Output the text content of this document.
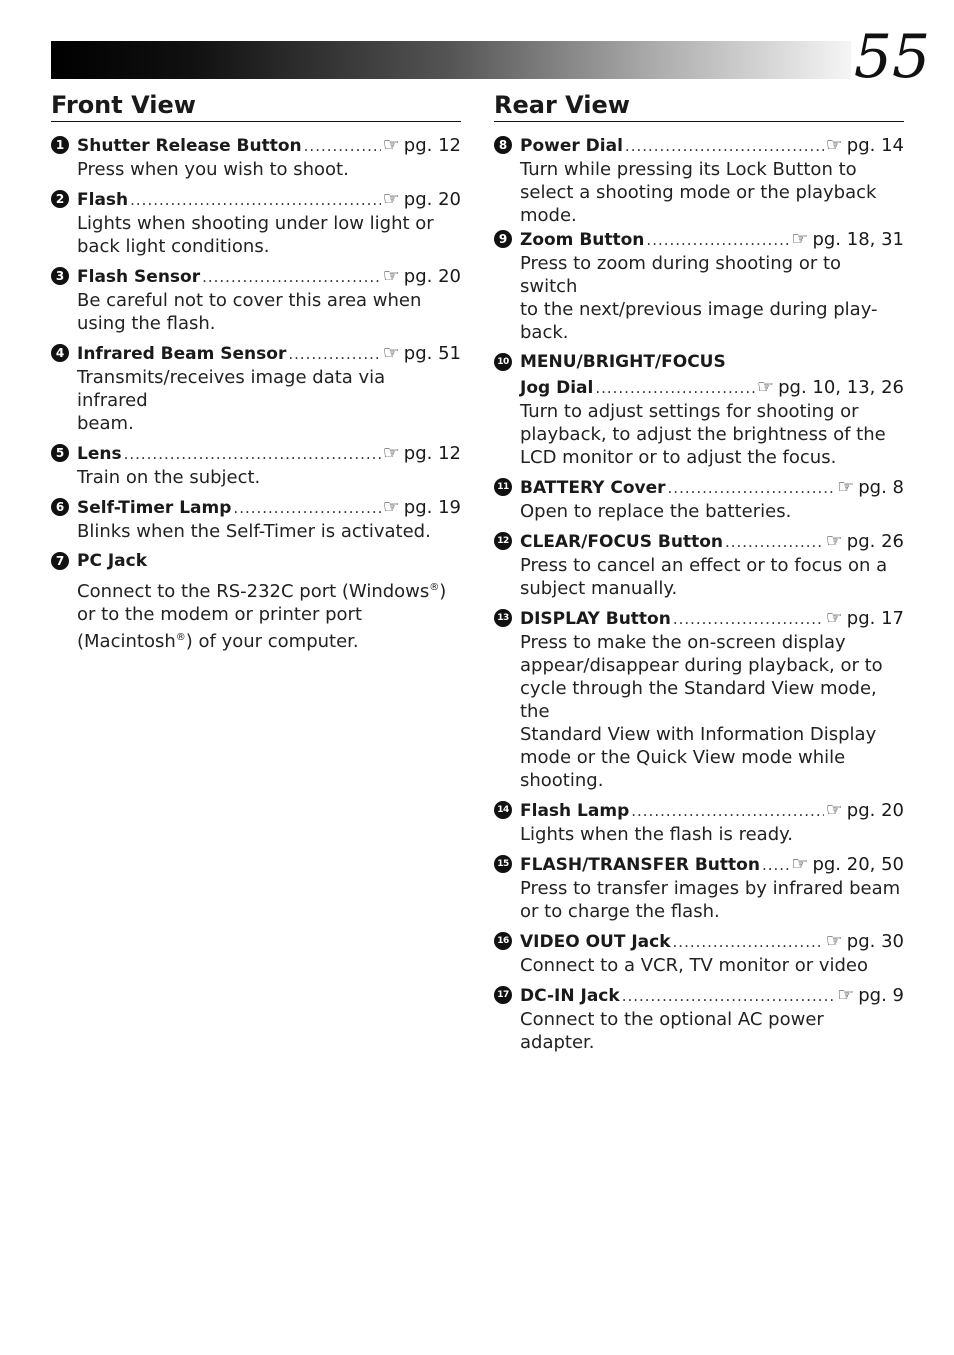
55
Front View	Rear View
1 Shutter Release Button .....	☞ pg. 12
Press when you wish to shoot.
2 Flash .....	☞ pg. 20
Lights when shooting under low light or
back light conditions.
3 Flash Sensor .....	☞ pg. 20
Be careful not to cover this area when
using the flash.
4 Infrared Beam Sensor .....	☞ pg. 51
Transmits/receives image data via infrared
beam.
5 Lens .....	☞ pg. 12
Train on the subject.
6 Self-Timer Lamp .....	☞ pg. 19
Blinks when the Self-Timer is activated.
7 PC Jack
Connect to the RS-232C port (Windows®)
or to the modem or printer port
(Macintosh®) of your computer.
8 Power Dial .....	☞ pg. 14
Turn while pressing its Lock Button to
select a shooting mode or the playback
mode.
9 Zoom Button .....	☞ pg. 18, 31
Press to zoom during shooting or to switch
to the next/previous image during play-
back.
10 MENU/BRIGHT/FOCUS
Jog Dial .....	☞ pg. 10, 13, 26
Turn to adjust settings for shooting or
playback, to adjust the brightness of the
LCD monitor or to adjust the focus.
11 BATTERY Cover .....	☞ pg. 8
Open to replace the batteries.
12 CLEAR/FOCUS Button .....	☞ pg. 26
Press to cancel an effect or to focus on a
subject manually.
13 DISPLAY Button .....	☞ pg. 17
Press to make the on-screen display
appear/disappear during playback, or to
cycle through the Standard View mode, the
Standard View with Information Display
mode or the Quick View mode while
shooting.
14 Flash Lamp .....	☞ pg. 20
Lights when the flash is ready.
15 FLASH/TRANSFER Button ..... ☞ pg. 20, 50
Press to transfer images by infrared beam
or to charge the flash.
16 VIDEO OUT Jack .....	☞ pg. 30
Connect to a VCR, TV monitor or video
17 DC-IN Jack .....	☞ pg. 9
Connect to the optional AC power adapter.
